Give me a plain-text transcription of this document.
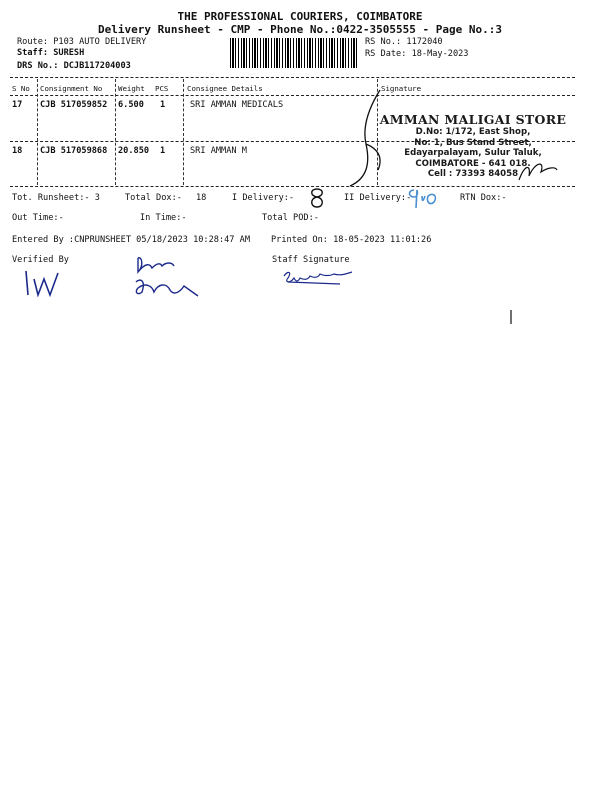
THE PROFESSIONAL COURIERS, COIMBATORE
Delivery Runsheet - CMP - Phone No.:0422-3505555 - Page No.:3
Route: P103 AUTO DELIVERY
Staff: SURESH
DRS No.: DCJB117204003
RS No.: 1172040
RS Date: 18-May-2023
S No Consignment No Weight PCS	Consignee Details	Signature
17 CJB 517059852 6.500 1	SRI AMMAN MEDICALS
18 CJB 517059868 20.850 1	SRI AMMAN M
AMMAN MALIGAI STORE
D.No: 1/172, East Shop,
No: 1, Bus Stand Street,
Edayarpalayam, Sulur Taluk,
COIMBATORE - 641 018.
Cell : 73393 84058
Tot. Runsheet:- 3	Total Dox:- 18	I Delivery:-	II Delivery:-	RTN Dox:-
Out Time:-	In Time:-	Total POD:-
Entered By :CNPRUNSHEET 05/18/2023 10:28:47 AM Printed On: 18-05-2023 11:01:26
Verified By	Staff Signature
